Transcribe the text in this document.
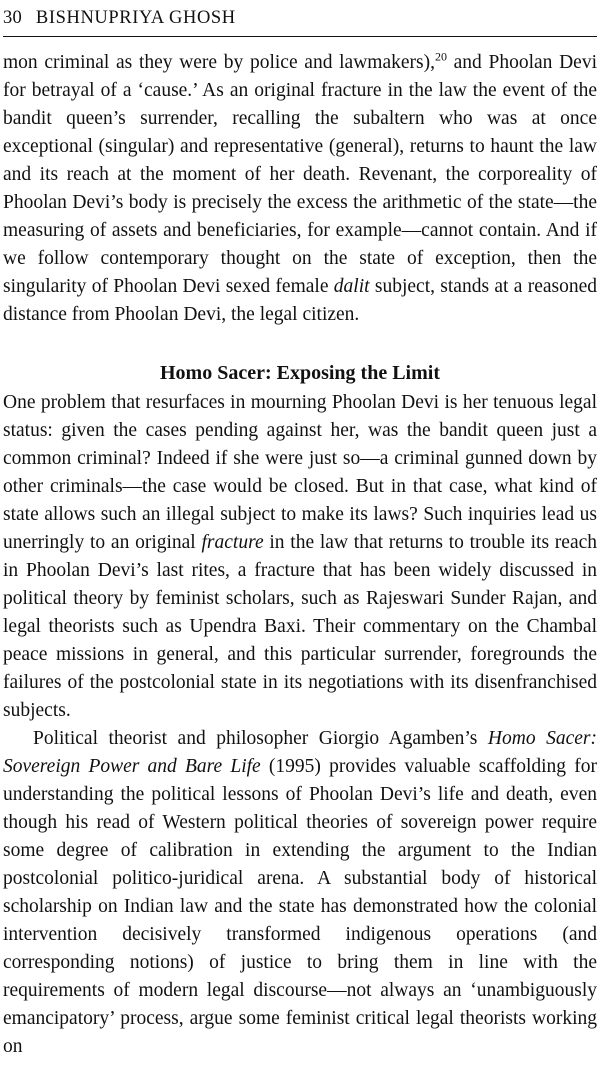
30 BISHNUPRIYA GHOSH

mon criminal as they were by police and lawmakers),$^{20}$ and Phoolan Devi for betrayal of a ‘cause.’ As an original fracture in the law the event of the bandit queen’s surrender, recalling the subaltern who was at once exceptional (singular) and representative (general), returns to haunt the law and its reach at the moment of her death. Revenant, the corporeality of Phoolan Devi’s body is precisely the excess the arithmetic of the state—the measuring of assets and beneficiaries, for example—cannot contain. And if we follow contemporary thought on the state of exception, then the singularity of Phoolan Devi sexed female dalit subject, stands at a reasoned distance from Phoolan Devi, the legal citizen.

Homo Sacer: Exposing the Limit

One problem that resurfaces in mourning Phoolan Devi is her tenuous legal status: given the cases pending against her, was the bandit queen just a common criminal? Indeed if she were just so—a criminal gunned down by other criminals—the case would be closed. But in that case, what kind of state allows such an illegal subject to make its laws? Such inquiries lead us unerringly to an original fracture in the law that returns to trouble its reach in Phoolan Devi’s last rites, a fracture that has been widely discussed in political theory by feminist scholars, such as Rajeswari Sunder Rajan, and legal theorists such as Upendra Baxi. Their commentary on the Chambal peace missions in general, and this particular surrender, foregrounds the failures of the postcolonial state in its negotiations with its disenfranchised subjects.

Political theorist and philosopher Giorgio Agamben’s Homo Sacer: Sovereign Power and Bare Life (1995) provides valuable scaffolding for understanding the political lessons of Phoolan Devi’s life and death, even though his read of Western political theories of sovereign power require some degree of calibration in extending the argument to the Indian postcolonial politico-juridical arena. A substantial body of historical scholarship on Indian law and the state has demonstrated how the colonial intervention decisively transformed indigenous operations (and corresponding notions) of justice to bring them in line with the requirements of modern legal discourse—not always an ‘unambiguously emancipatory’ process, argue some feminist critical legal theorists working on
